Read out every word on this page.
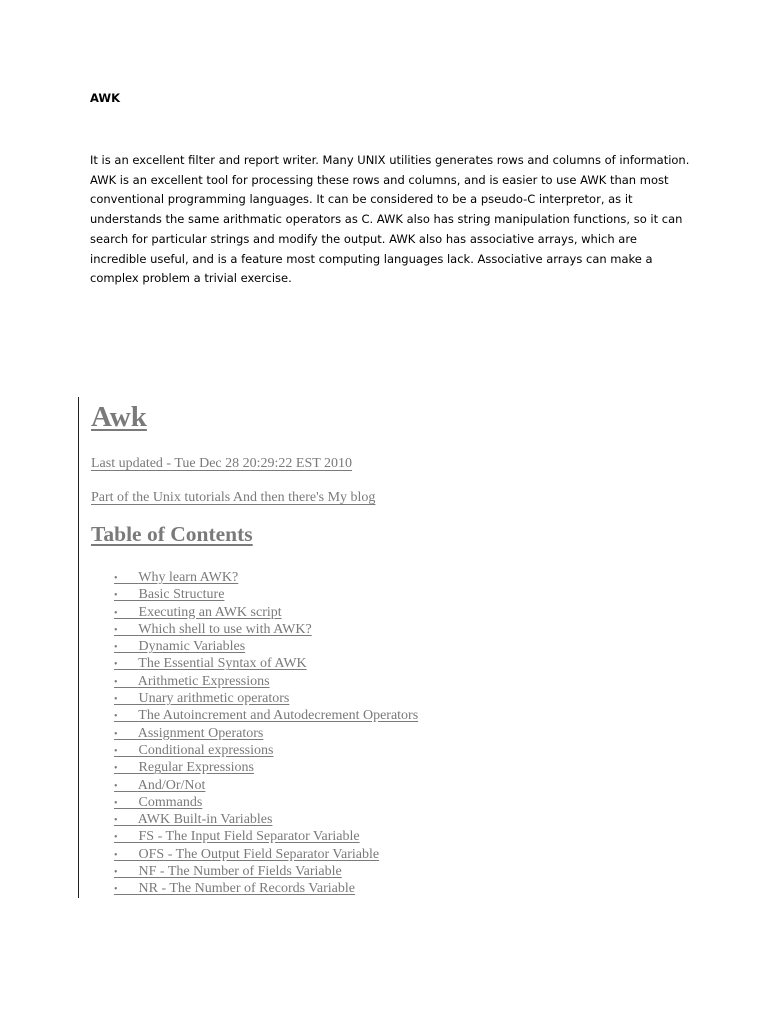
AWK

It is an excellent filter and report writer. Many UNIX utilities generates rows and columns of information.
AWK is an excellent tool for processing these rows and columns, and is easier to use AWK than most
conventional programming languages. It can be considered to be a pseudo-C interpretor, as it
understands the same arithmatic operators as C. AWK also has string manipulation functions, so it can
search for particular strings and modify the output. AWK also has associative arrays, which are
incredible useful, and is a feature most computing languages lack. Associative arrays can make a
complex problem a trivial exercise.

Awk

Last updated - Tue Dec 28 20:29:22 EST 2010

Part of the Unix tutorials And then there's My blog

Table of Contents
• Why learn AWK?
• Basic Structure
• Executing an AWK script
• Which shell to use with AWK?
• Dynamic Variables
• The Essential Syntax of AWK
• Arithmetic Expressions
• Unary arithmetic operators
• The Autoincrement and Autodecrement Operators
• Assignment Operators
• Conditional expressions
• Regular Expressions
• And/Or/Not
• Commands
• AWK Built-in Variables
• FS - The Input Field Separator Variable
• OFS - The Output Field Separator Variable
• NF - The Number of Fields Variable
• NR - The Number of Records Variable
